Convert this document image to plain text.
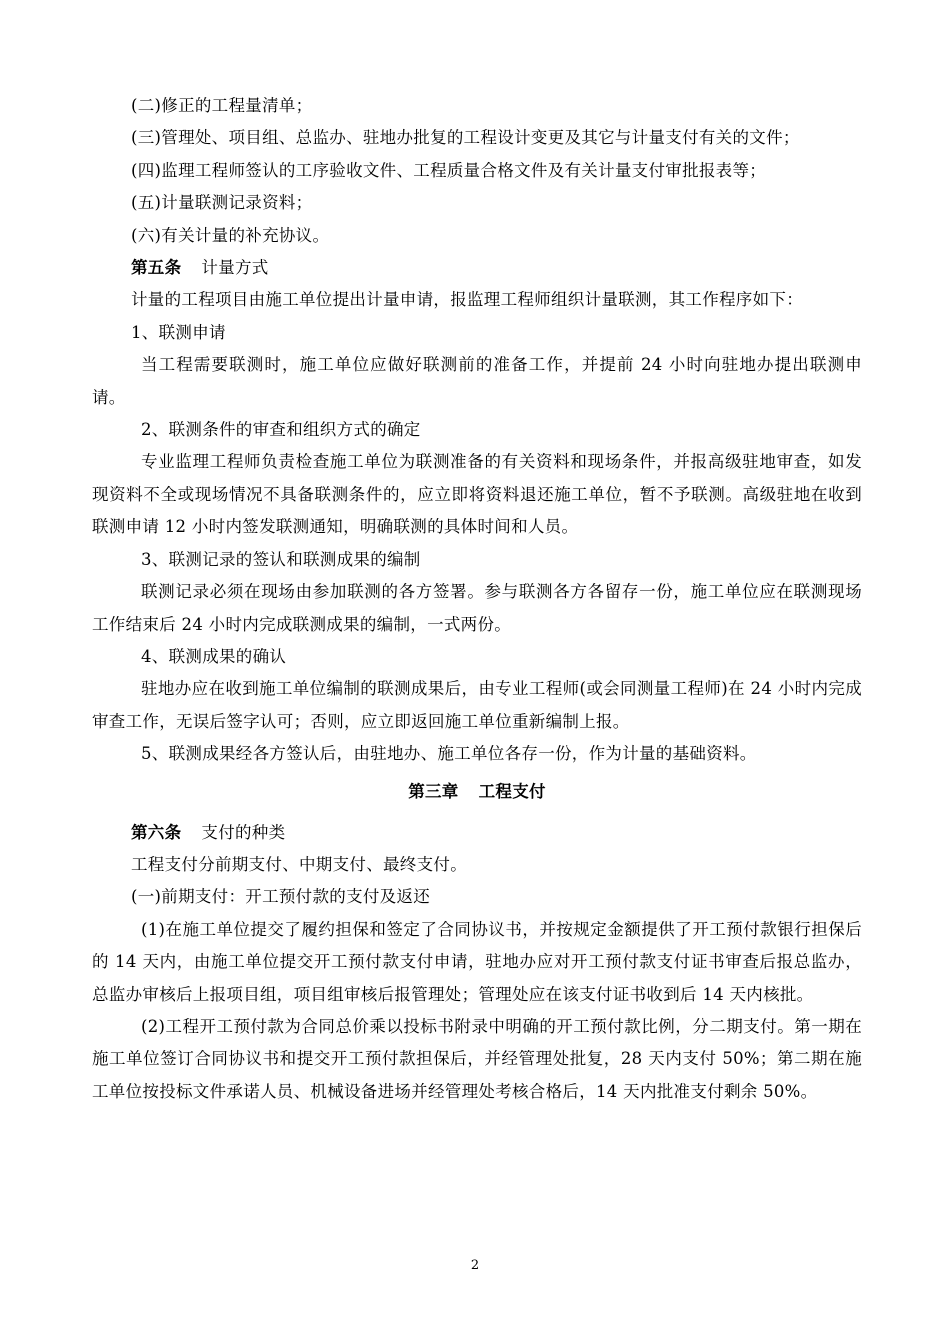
(二)修正的工程量清单；

(三)管理处、项目组、总监办、驻地办批复的工程设计变更及其它与计量支付有关的文件；

(四)监理工程师签认的工序验收文件、工程质量合格文件及有关计量支付审批报表等；

(五)计量联测记录资料；

(六)有关计量的补充协议。

第五条 计量方式

计量的工程项目由施工单位提出计量申请，报监理工程师组织计量联测，其工作程序如下：

1、联测申请

当工程需要联测时，施工单位应做好联测前的准备工作，并提前 24 小时向驻地办提出联测申请。

2、联测条件的审查和组织方式的确定

专业监理工程师负责检查施工单位为联测准备的有关资料和现场条件，并报高级驻地审查，如发现资料不全或现场情况不具备联测条件的，应立即将资料退还施工单位，暂不予联测。高级驻地在收到联测申请 12 小时内签发联测通知，明确联测的具体时间和人员。

3、联测记录的签认和联测成果的编制

联测记录必须在现场由参加联测的各方签署。参与联测各方各留存一份，施工单位应在联测现场工作结束后 24 小时内完成联测成果的编制，一式两份。

4、联测成果的确认

驻地办应在收到施工单位编制的联测成果后，由专业工程师(或会同测量工程师)在 24 小时内完成审查工作，无误后签字认可；否则，应立即返回施工单位重新编制上报。

5、联测成果经各方签认后，由驻地办、施工单位各存一份，作为计量的基础资料。

第三章 工程支付

第六条 支付的种类

工程支付分前期支付、中期支付、最终支付。

(一)前期支付：开工预付款的支付及返还

(1)在施工单位提交了履约担保和签定了合同协议书，并按规定金额提供了开工预付款银行担保后的 14 天内，由施工单位提交开工预付款支付申请，驻地办应对开工预付款支付证书审查后报总监办，总监办审核后上报项目组，项目组审核后报管理处；管理处应在该支付证书收到后 14 天内核批。

(2)工程开工预付款为合同总价乘以投标书附录中明确的开工预付款比例，分二期支付。第一期在施工单位签订合同协议书和提交开工预付款担保后，并经管理处批复，28 天内支付 50%；第二期在施工单位按投标文件承诺人员、机械设备进场并经管理处考核合格后，14 天内批准支付剩余 50%。

2
